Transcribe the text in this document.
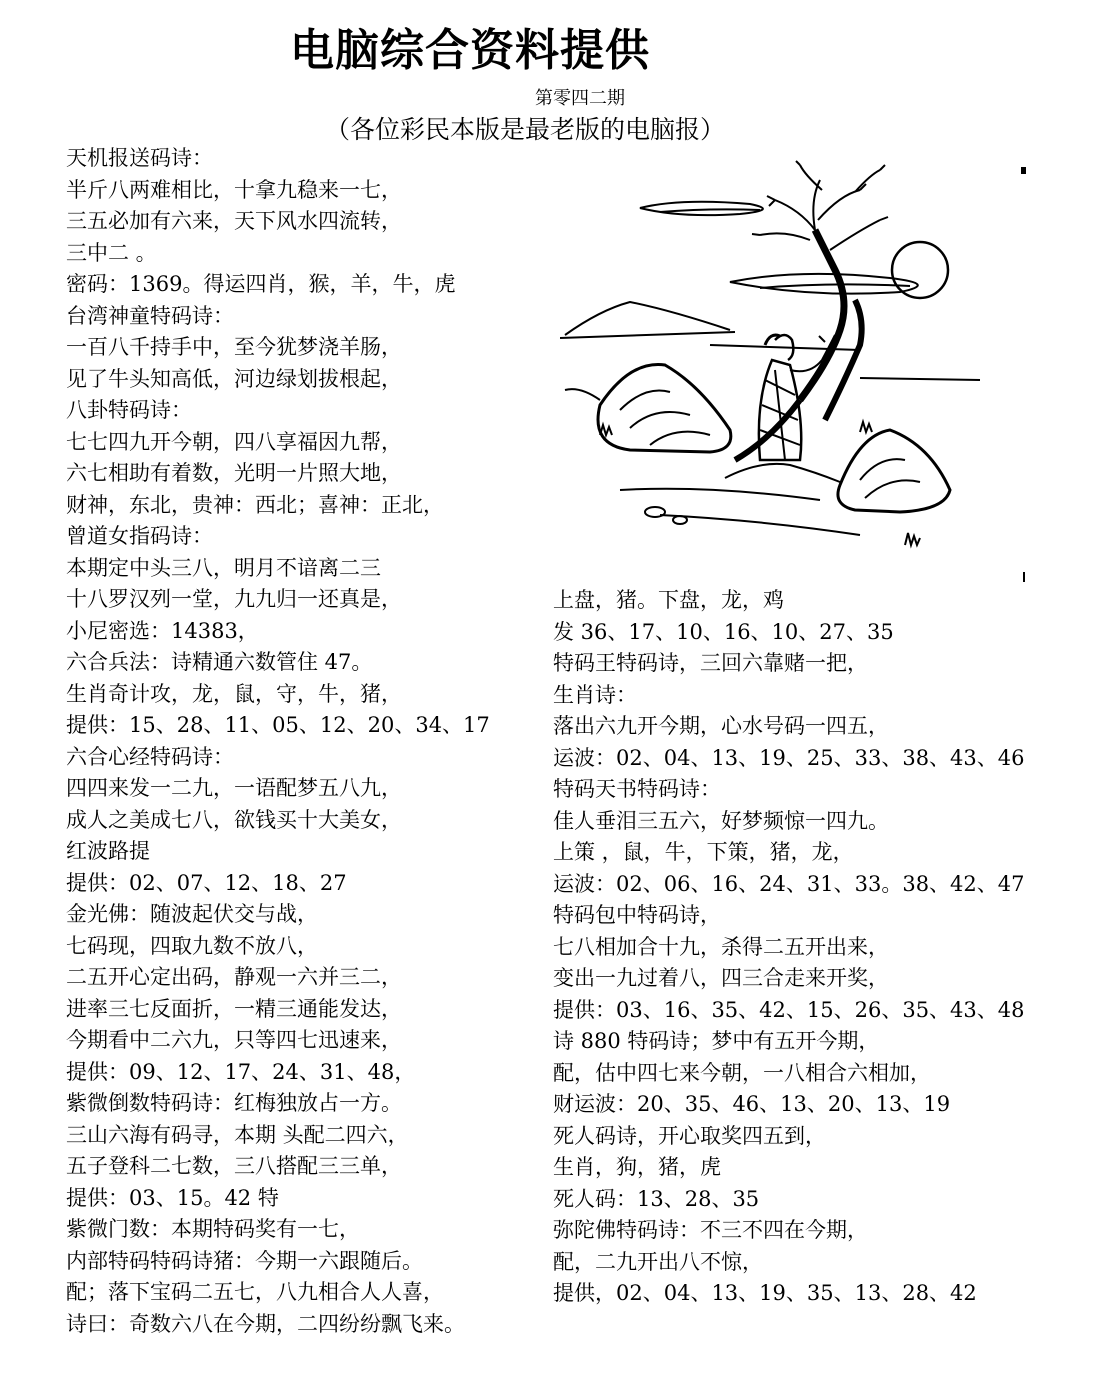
电脑综合资料提供
第零四二期
（各位彩民本版是最老版的电脑报）
天机报送码诗：
半斤八两难相比，十拿九稳来一七，
三五必加有六来，天下风水四流转，
三中二 。
密码：1369。得运四肖，猴，羊，牛，虎
台湾神童特码诗：
一百八千持手中，至今犹梦浇羊肠，
见了牛头知高低，河边绿划拔根起，
八卦特码诗：
七七四九开今朝，四八享福因九帮，
六七相助有着数，光明一片照大地，
财神，东北，贵神：西北；喜神：正北，
曾道女指码诗：
本期定中头三八，明月不谙离二三
十八罗汉列一堂，九九归一还真是，
小尼密选：14383，
六合兵法：诗精通六数管住 47。
生肖奇计攻，龙，鼠，守，牛，猪，
提供：15、28、11、05、12、20、34、17
六合心经特码诗：
四四来发一二九，一语配梦五八九，
成人之美成七八，欲钱买十大美女，
红波路提
提供：02、07、12、18、27
金光佛：随波起伏交与战，
七码现，四取九数不放八，
二五开心定出码，静观一六并三二，
进率三七反面折，一精三通能发达，
今期看中二六九，只等四七迅速来，
提供：09、12、17、24、31、48，
紫微倒数特码诗：红梅独放占一方。
三山六海有码寻，本期 头配二四六，
五子登科二七数，三八搭配三三单，
提供：03、15。42 特
紫微门数：本期特码奖有一七，
内部特码特码诗猪：今期一六跟随后。
配；落下宝码二五七，八九相合人人喜，
诗曰：奇数六八在今期，二四纷纷飘飞来。
上盘，猪。下盘，龙，鸡
发 36、17、10、16、10、27、35
特码王特码诗，三回六靠赌一把，
生肖诗：
落出六九开今期，心水号码一四五，
运波：02、04、13、19、25、33、38、43、46
特码天书特码诗：
佳人垂泪三五六，好梦频惊一四九。
上策 ，鼠，牛，下策，猪，龙，
运波：02、06、16、24、31、33。38、42、47
特码包中特码诗，
七八相加合十九，杀得二五开出来，
变出一九过着八，四三合走来开奖，
提供：03、16、35、42、15、26、35、43、48
诗 880 特码诗；梦中有五开今期，
配，估中四七来今朝，一八相合六相加，
财运波：20、35、46、13、20、13、19
死人码诗，开心取奖四五到，
生肖，狗，猪，虎
死人码：13、28、35
弥陀佛特码诗：不三不四在今期，
配，二九开出八不惊，
提供，02、04、13、19、35、13、28、42
